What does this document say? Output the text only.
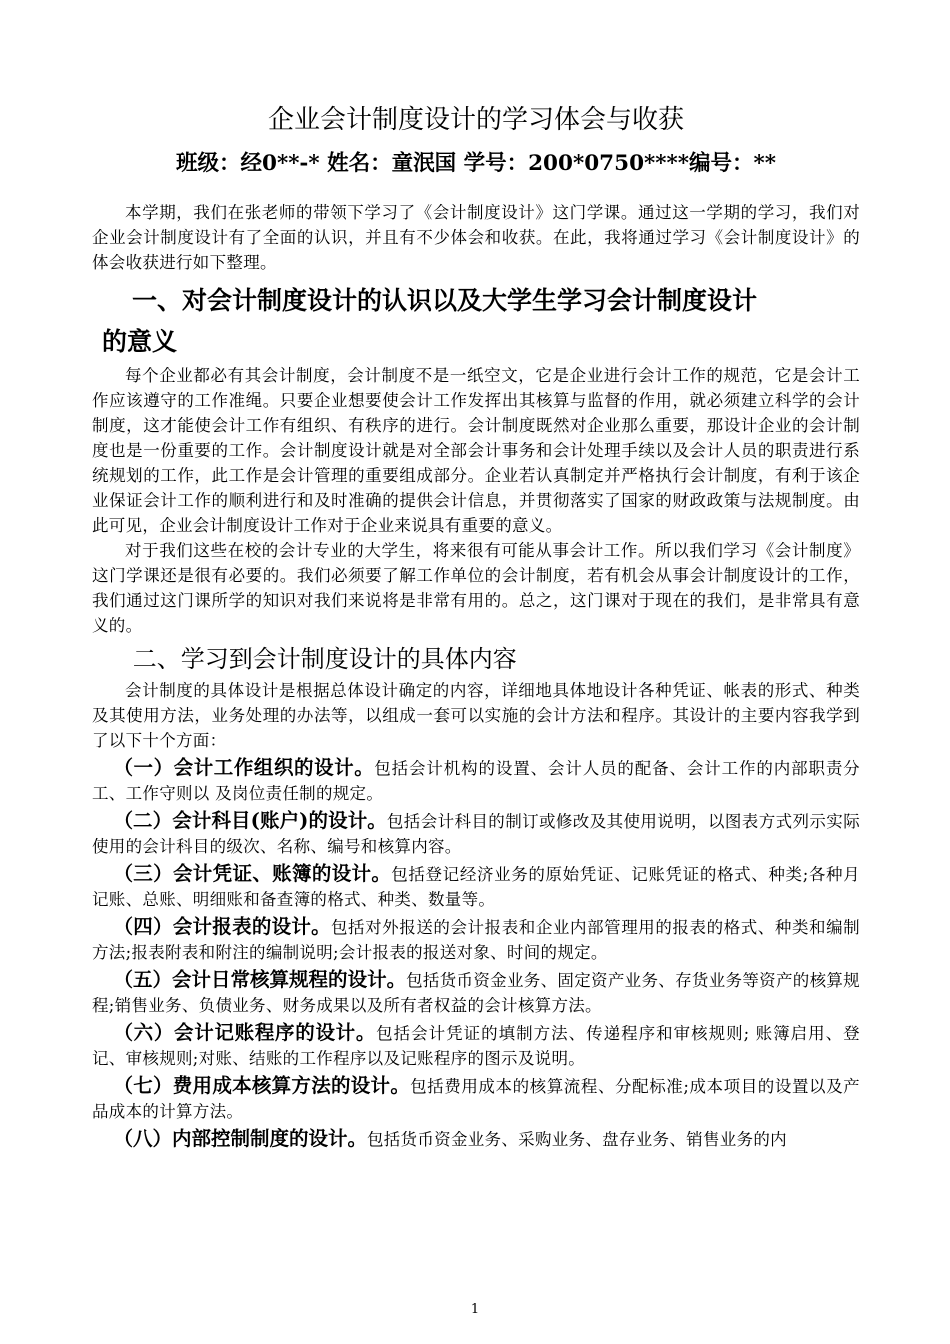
企业会计制度设计的学习体会与收获
班级：经0**-* 姓名：童泯国 学号：200*0750****编号：**

本学期，我们在张老师的带领下学习了《会计制度设计》这门学课。通过这一学期的学习，我们对企业会计制度设计有了全面的认识，并且有不少体会和收获。在此，我将通过学习《会计制度设计》的体会收获进行如下整理。

一、对会计制度设计的认识以及大学生学习会计制度设计
的意义

每个企业都必有其会计制度，会计制度不是一纸空文，它是企业进行会计工作的规范，它是会计工作应该遵守的工作准绳。只要企业想要使会计工作发挥出其核算与监督的作用，就必须建立科学的会计制度，这才能使会计工作有组织、有秩序的进行。会计制度既然对企业那么重要，那设计企业的会计制度也是一份重要的工作。会计制度设计就是对全部会计事务和会计处理手续以及会计人员的职责进行系统规划的工作，此工作是会计管理的重要组成部分。企业若认真制定并严格执行会计制度，有利于该企业保证会计工作的顺利进行和及时准确的提供会计信息，并贯彻落实了国家的财政政策与法规制度。由此可见，企业会计制度设计工作对于企业来说具有重要的意义。

对于我们这些在校的会计专业的大学生，将来很有可能从事会计工作。所以我们学习《会计制度》这门学课还是很有必要的。我们必须要了解工作单位的会计制度，若有机会从事会计制度设计的工作，我们通过这门课所学的知识对我们来说将是非常有用的。总之，这门课对于现在的我们，是非常具有意义的。

二、学习到会计制度设计的具体内容

会计制度的具体设计是根据总体设计确定的内容，详细地具体地设计各种凭证、帐表的形式、种类及其使用方法，业务处理的办法等，以组成一套可以实施的会计方法和程序。其设计的主要内容我学到了以下十个方面：

（一）会计工作组织的设计。包括会计机构的设置、会计人员的配备、会计工作的内部职责分工、工作守则以 及岗位责任制的规定。

（二）会计科目(账户)的设计。包括会计科目的制订或修改及其使用说明，以图表方式列示实际使用的会计科目的级次、名称、编号和核算内容。

（三）会计凭证、账簿的设计。包括登记经济业务的原始凭证、记账凭证的格式、种类;各种月记账、总账、明细账和备查簿的格式、种类、数量等。

（四）会计报表的设计。包括对外报送的会计报表和企业内部管理用的报表的格式、种类和编制方法;报表附表和附注的编制说明;会计报表的报送对象、时间的规定。

（五）会计日常核算规程的设计。包括货币资金业务、固定资产业务、存货业务等资产的核算规程;销售业务、负债业务、财务成果以及所有者权益的会计核算方法。

（六）会计记账程序的设计。包括会计凭证的填制方法、传递程序和审核规则; 账簿启用、登记、审核规则;对账、结账的工作程序以及记账程序的图示及说明。

（七）费用成本核算方法的设计。包括费用成本的核算流程、分配标准;成本项目的设置以及产品成本的计算方法。

（八）内部控制制度的设计。包括货币资金业务、采购业务、盘存业务、销售业务的内

1
